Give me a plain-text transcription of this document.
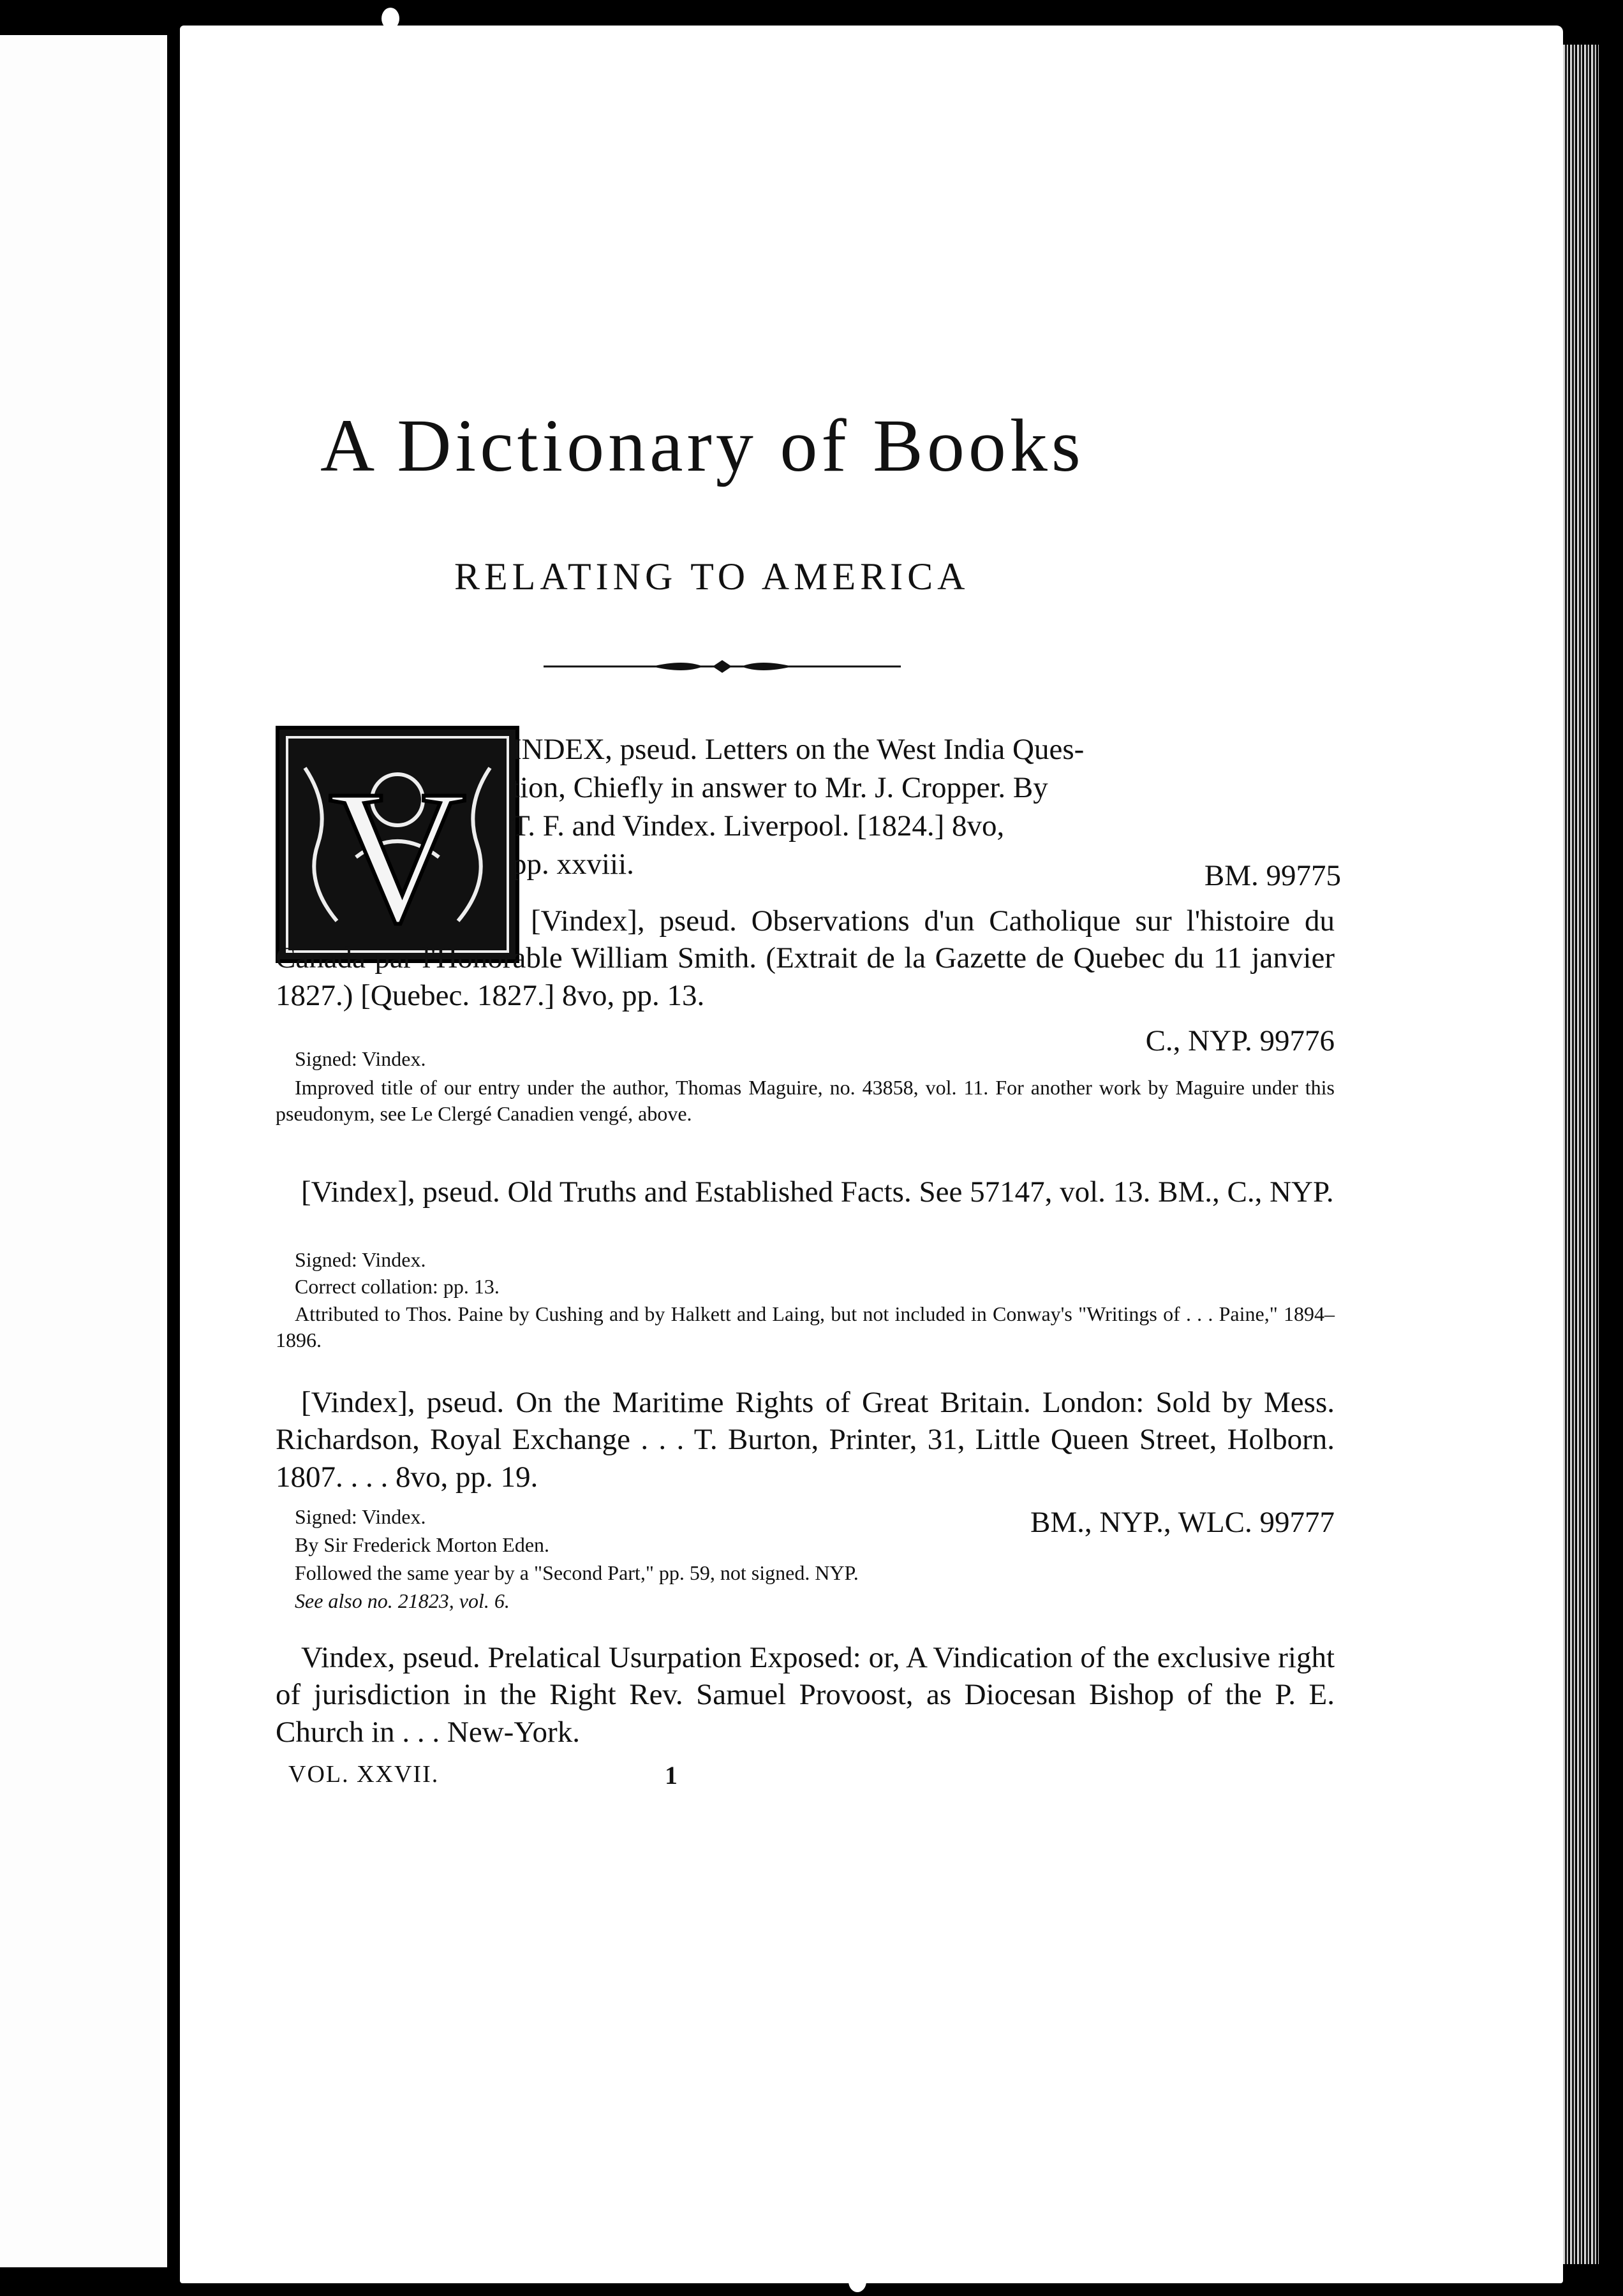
A Dictionary of Books
RELATING TO AMERICA
V
INDEX, pseud. Letters on the West India Ques-
tion, Chiefly in answer to Mr. J. Cropper. By
T. F. and Vindex. Liverpool. [1824.] 8vo,
pp. xxviii.	BM. 99775
[Vindex], pseud. Observations d'un Catholique sur l'histoire du Canada par l'Honorable William Smith. (Extrait de la Gazette de Quebec du 11 janvier 1827.) [Quebec. 1827.] 8vo, pp. 13.
C., NYP. 99776
Signed: Vindex.
Improved title of our entry under the author, Thomas Maguire, no. 43858, vol. 11. For another work by Maguire under this pseudonym, see Le Clergé Canadien vengé, above.
[Vindex], pseud. Old Truths and Established Facts. See 57147, vol. 13. BM., C., NYP.
Signed: Vindex.
Correct collation: pp. 13.
Attributed to Thos. Paine by Cushing and by Halkett and Laing, but not included in Conway's "Writings of . . . Paine," 1894–1896.
[Vindex], pseud. On the Maritime Rights of Great Britain. London: Sold by Mess. Richardson, Royal Exchange . . . T. Burton, Printer, 31, Little Queen Street, Holborn. 1807. . . . 8vo, pp. 19.
BM., NYP., WLC. 99777
Signed: Vindex.
By Sir Frederick Morton Eden.
Followed the same year by a "Second Part," pp. 59, not signed. NYP.
See also no. 21823, vol. 6.
Vindex, pseud. Prelatical Usurpation Exposed: or, A Vindication of the exclusive right of jurisdiction in the Right Rev. Samuel Provoost, as Diocesan Bishop of the P. E. Church in . . . New-York.
VOL. XXVII.	1
